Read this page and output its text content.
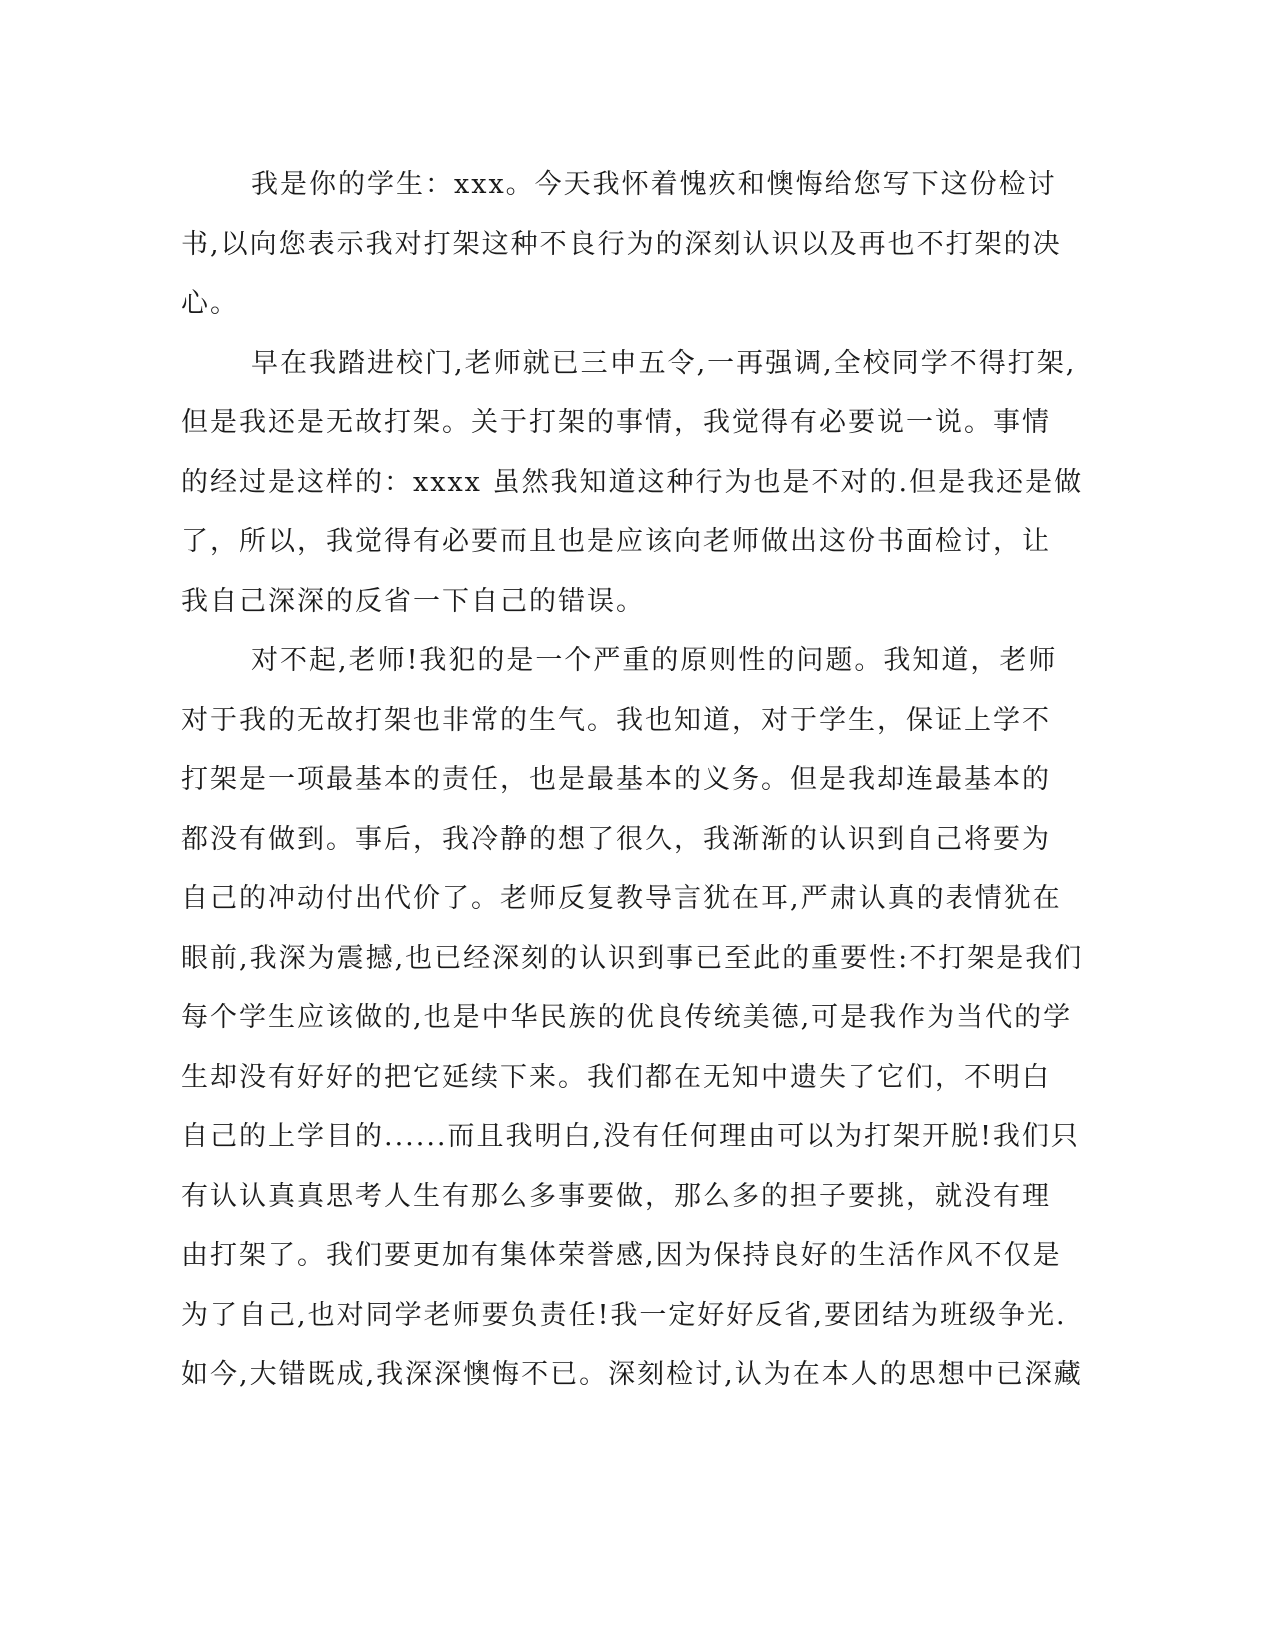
我是你的学生：xxx。今天我怀着愧疚和懊悔给您写下这份检讨
书,以向您表示我对打架这种不良行为的深刻认识以及再也不打架的决
心。
早在我踏进校门,老师就已三申五令,一再强调,全校同学不得打架,
但是我还是无故打架。关于打架的事情，我觉得有必要说一说。事情
的经过是这样的：xxxx 虽然我知道这种行为也是不对的.但是我还是做
了，所以，我觉得有必要而且也是应该向老师做出这份书面检讨，让
我自己深深的反省一下自己的错误。
对不起,老师!我犯的是一个严重的原则性的问题。我知道，老师
对于我的无故打架也非常的生气。我也知道，对于学生，保证上学不
打架是一项最基本的责任，也是最基本的义务。但是我却连最基本的
都没有做到。事后，我冷静的想了很久，我渐渐的认识到自己将要为
自己的冲动付出代价了。老师反复教导言犹在耳,严肃认真的表情犹在
眼前,我深为震撼,也已经深刻的认识到事已至此的重要性:不打架是我们
每个学生应该做的,也是中华民族的优良传统美德,可是我作为当代的学
生却没有好好的把它延续下来。我们都在无知中遗失了它们，不明白
自己的上学目的......而且我明白,没有任何理由可以为打架开脱!我们只
有认认真真思考人生有那么多事要做，那么多的担子要挑，就没有理
由打架了。我们要更加有集体荣誉感,因为保持良好的生活作风不仅是
为了自己,也对同学老师要负责任!我一定好好反省,要团结为班级争光.
如今,大错既成,我深深懊悔不已。深刻检讨,认为在本人的思想中已深藏
